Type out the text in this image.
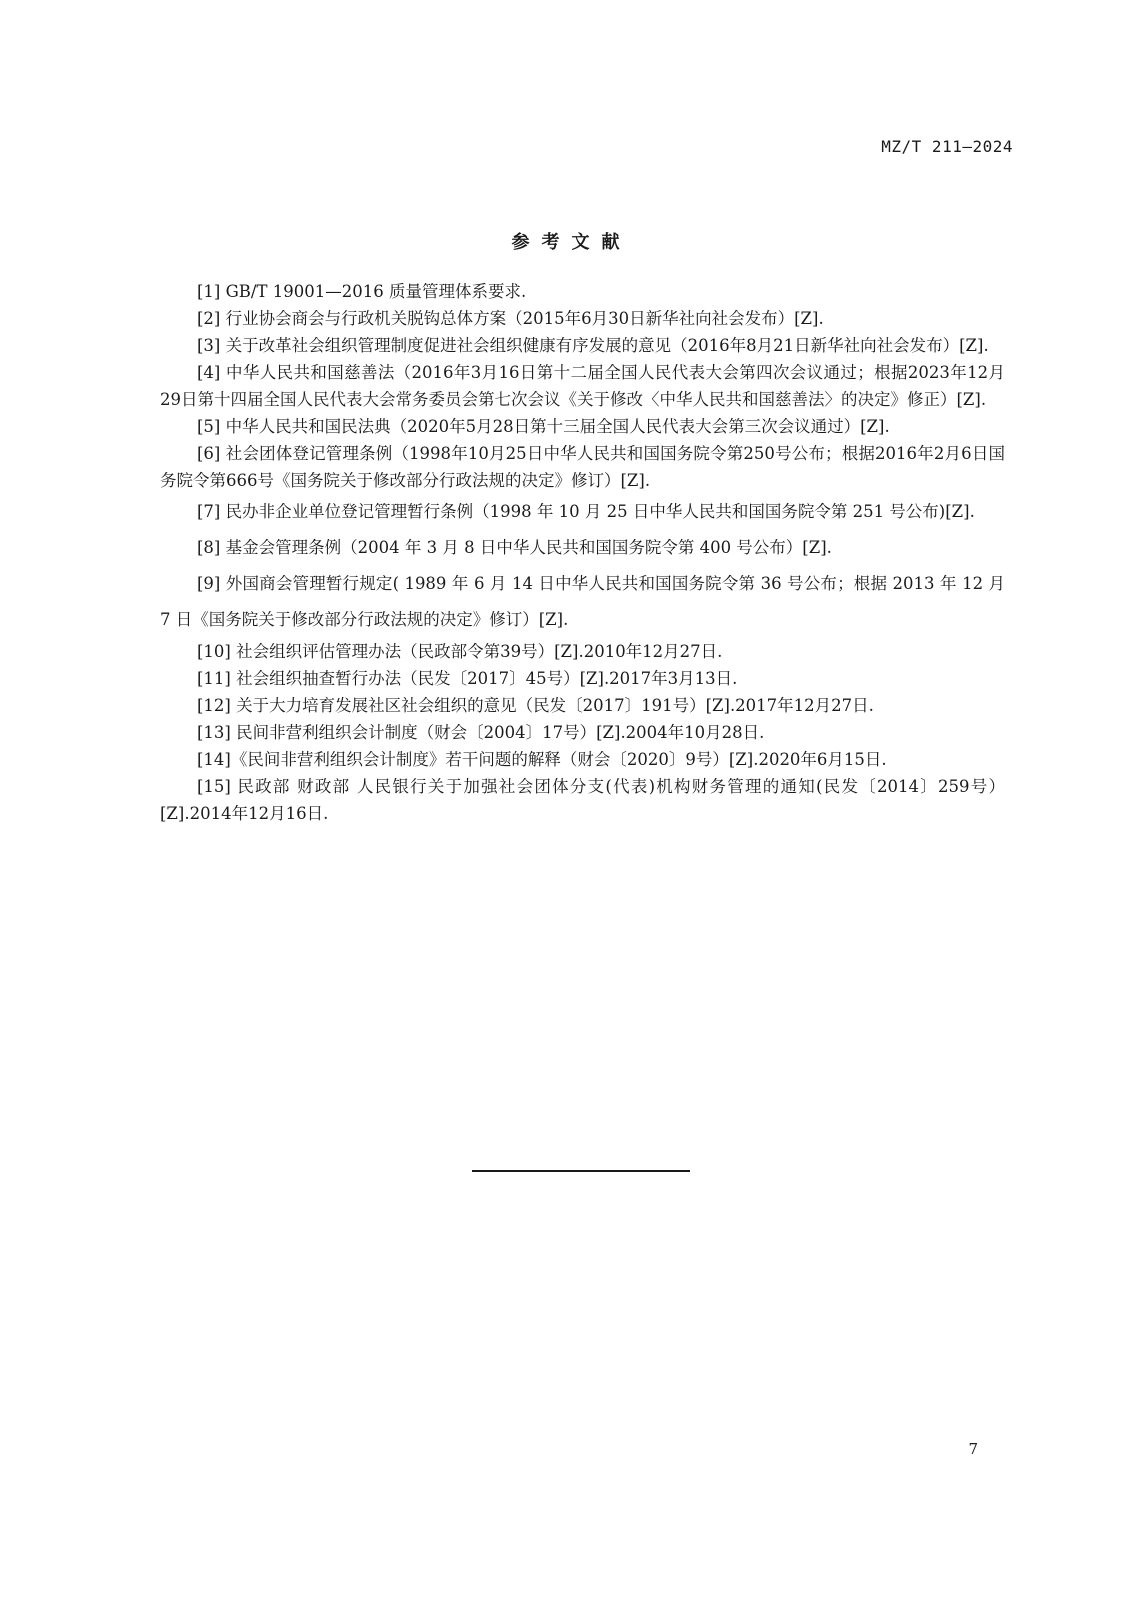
MZ/T 211—2024
参考文献

[1] GB/T 19001—2016 质量管理体系要求.

[2] 行业协会商会与行政机关脱钩总体方案（2015年6月30日新华社向社会发布）[Z].

[3] 关于改革社会组织管理制度促进社会组织健康有序发展的意见（2016年8月21日新华社向社会发布）[Z].

[4] 中华人民共和国慈善法（2016年3月16日第十二届全国人民代表大会第四次会议通过；根据2023年12月29日第十四届全国人民代表大会常务委员会第七次会议《关于修改〈中华人民共和国慈善法〉的决定》修正）[Z].

[5] 中华人民共和国民法典（2020年5月28日第十三届全国人民代表大会第三次会议通过）[Z].

[6] 社会团体登记管理条例（1998年10月25日中华人民共和国国务院令第250号公布；根据2016年2月6日国务院令第666号《国务院关于修改部分行政法规的决定》修订）[Z].

[7] 民办非企业单位登记管理暂行条例（1998 年 10 月 25 日中华人民共和国国务院令第 251 号公布)[Z].

[8] 基金会管理条例（2004 年 3 月 8 日中华人民共和国国务院令第 400 号公布）[Z].

[9] 外国商会管理暂行规定( 1989 年 6 月 14 日中华人民共和国国务院令第 36 号公布；根据 2013 年 12 月 7 日《国务院关于修改部分行政法规的决定》修订）[Z].

[10] 社会组织评估管理办法（民政部令第39号）[Z].2010年12月27日.

[11] 社会组织抽查暂行办法（民发〔2017〕45号）[Z].2017年3月13日.

[12] 关于大力培育发展社区社会组织的意见（民发〔2017〕191号）[Z].2017年12月27日.

[13] 民间非营利组织会计制度（财会〔2004〕17号）[Z].2004年10月28日.

[14]《民间非营利组织会计制度》若干问题的解释（财会〔2020〕9号）[Z].2020年6月15日.

[15] 民政部 财政部 人民银行关于加强社会团体分支(代表)机构财务管理的通知(民发〔2014〕259号）[Z].2014年12月16日.

7
